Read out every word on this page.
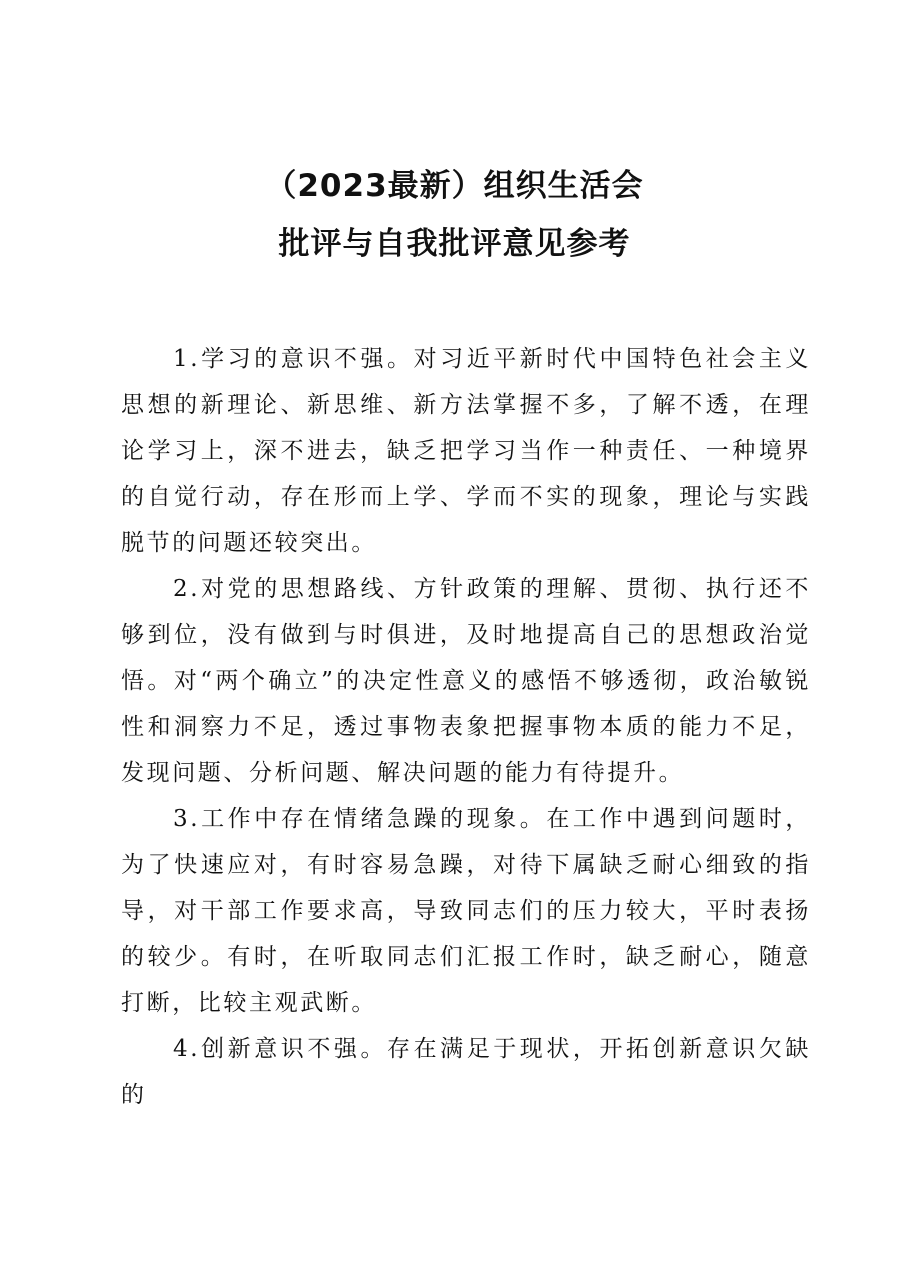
（2023最新）组织生活会
批评与自我批评意见参考

1.学习的意识不强。对习近平新时代中国特色社会主义思想的新理论、新思维、新方法掌握不多，了解不透，在理论学习上，深不进去，缺乏把学习当作一种责任、一种境界的自觉行动，存在形而上学、学而不实的现象，理论与实践脱节的问题还较突出。

2.对党的思想路线、方针政策的理解、贯彻、执行还不够到位，没有做到与时俱进，及时地提高自己的思想政治觉悟。对“两个确立”的决定性意义的感悟不够透彻，政治敏锐性和洞察力不足，透过事物表象把握事物本质的能力不足，发现问题、分析问题、解决问题的能力有待提升。

3.工作中存在情绪急躁的现象。在工作中遇到问题时，为了快速应对，有时容易急躁，对待下属缺乏耐心细致的指导，对干部工作要求高，导致同志们的压力较大，平时表扬的较少。有时，在听取同志们汇报工作时，缺乏耐心，随意打断，比较主观武断。

4.创新意识不强。存在满足于现状，开拓创新意识欠缺的
